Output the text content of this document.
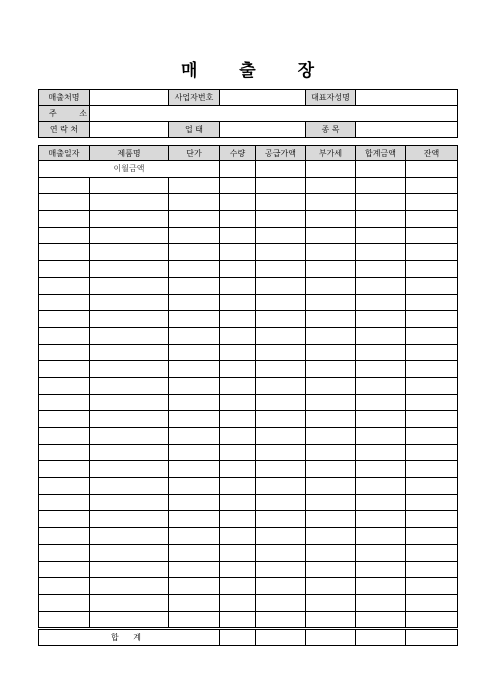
매 출 장
매출처명		사업자번호		대표자성명	
주 소					
연 락 처		업 태		종 목	
매출일자	제품명	단가	수량	공급가액	부가세	합계금액	잔액
이월금액							

합 계							
